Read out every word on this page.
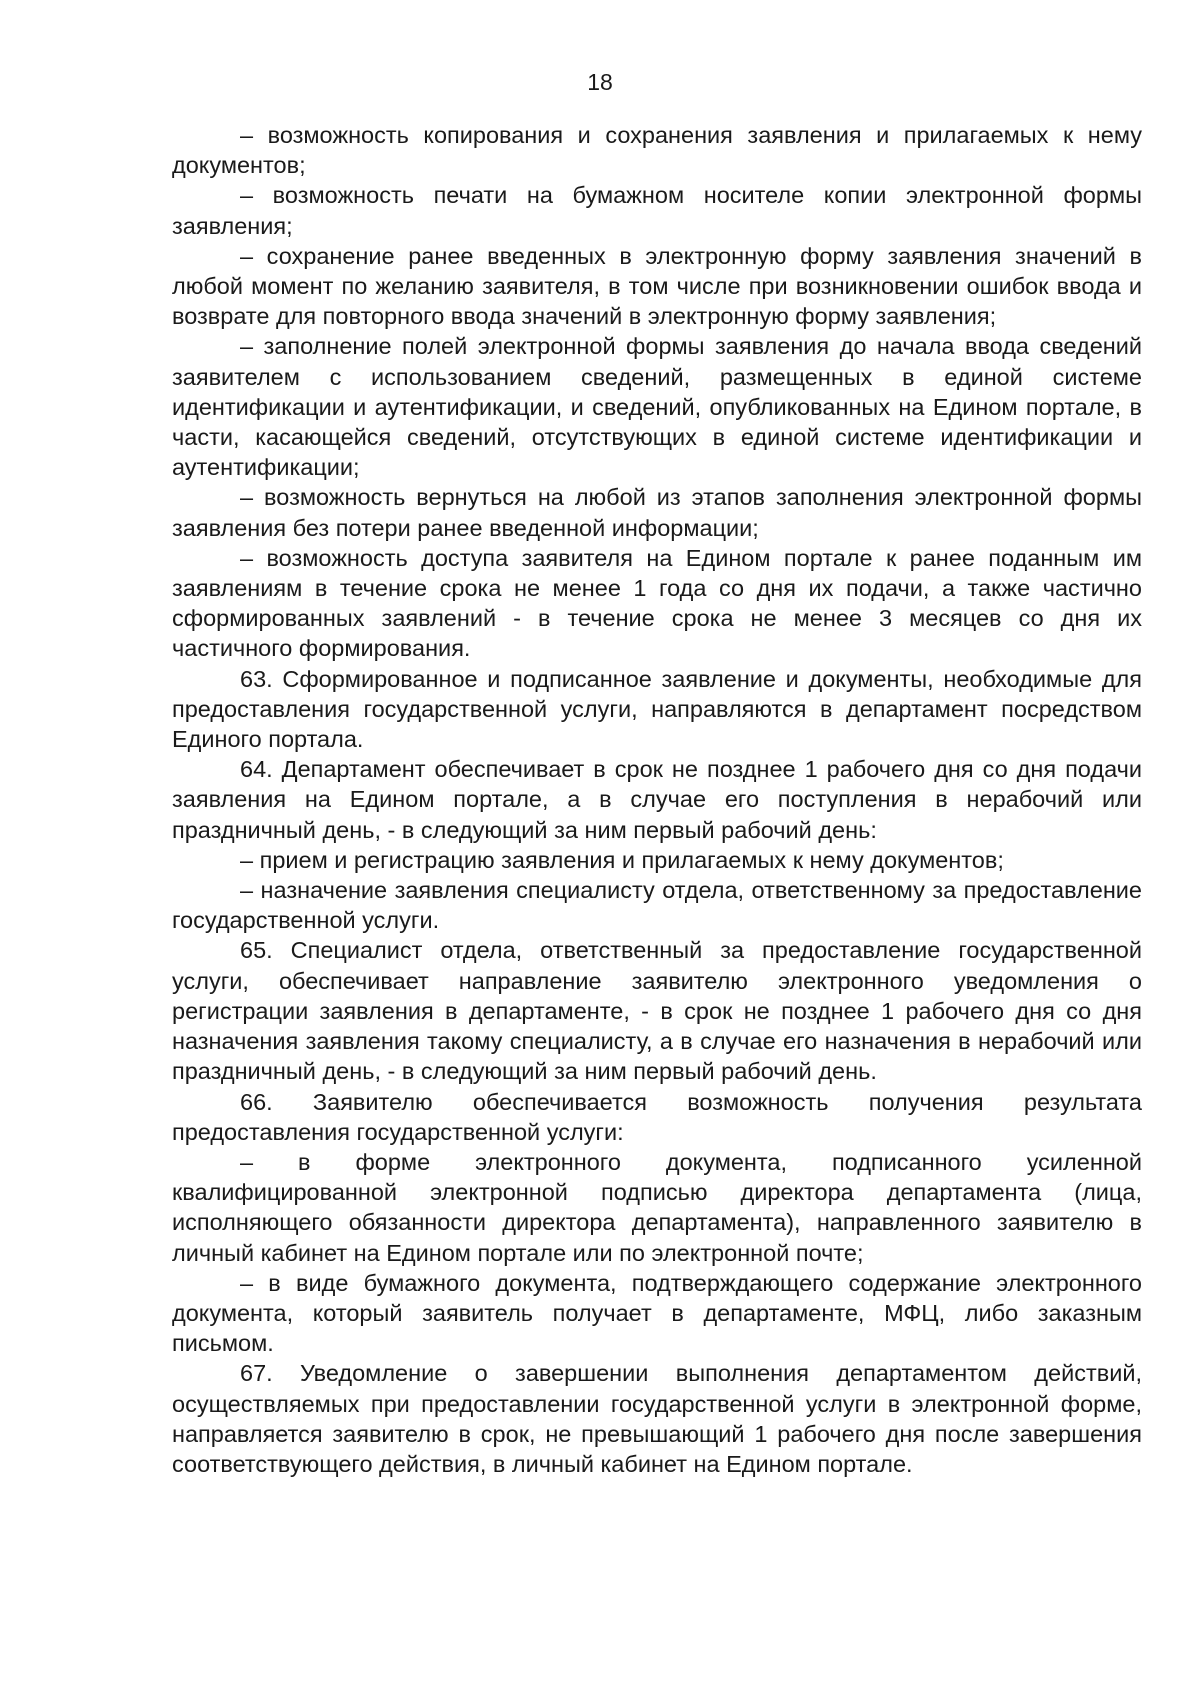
18

– возможность копирования и сохранения заявления и прилагаемых к нему документов;

– возможность печати на бумажном носителе копии электронной формы заявления;

– сохранение ранее введенных в электронную форму заявления значений в любой момент по желанию заявителя, в том числе при возникновении ошибок ввода и возврате для повторного ввода значений в электронную форму заявления;

– заполнение полей электронной формы заявления до начала ввода сведений заявителем с использованием сведений, размещенных в единой системе идентификации и аутентификации, и сведений, опубликованных на Едином портале, в части, касающейся сведений, отсутствующих в единой системе идентификации и аутентификации;

– возможность вернуться на любой из этапов заполнения электронной формы заявления без потери ранее введенной информации;

– возможность доступа заявителя на Едином портале к ранее поданным им заявлениям в течение срока не менее 1 года со дня их подачи, а также частично сформированных заявлений - в течение срока не менее 3 месяцев со дня их частичного формирования.

63. Сформированное и подписанное заявление и документы, необходимые для предоставления государственной услуги, направляются в департамент посредством Единого портала.

64. Департамент обеспечивает в срок не позднее 1 рабочего дня со дня подачи заявления на Едином портале, а в случае его поступления в нерабочий или праздничный день, - в следующий за ним первый рабочий день:

– прием и регистрацию заявления и прилагаемых к нему документов;

– назначение заявления специалисту отдела, ответственному за предоставление государственной услуги.

65. Специалист отдела, ответственный за предоставление государственной услуги, обеспечивает направление заявителю электронного уведомления о регистрации заявления в департаменте, - в срок не позднее 1 рабочего дня со дня назначения заявления такому специалисту, а в случае его назначения в нерабочий или праздничный день, - в следующий за ним первый рабочий день.

66. Заявителю обеспечивается возможность получения результата предоставления государственной услуги:

– в форме электронного документа, подписанного усиленной квалифицированной электронной подписью директора департамента (лица, исполняющего обязанности директора департамента), направленного заявителю в личный кабинет на Едином портале или по электронной почте;

– в виде бумажного документа, подтверждающего содержание электронного документа, который заявитель получает в департаменте, МФЦ, либо заказным письмом.

67. Уведомление о завершении выполнения департаментом действий, осуществляемых при предоставлении государственной услуги в электронной форме, направляется заявителю в срок, не превышающий 1 рабочего дня после завершения соответствующего действия, в личный кабинет на Едином портале.
